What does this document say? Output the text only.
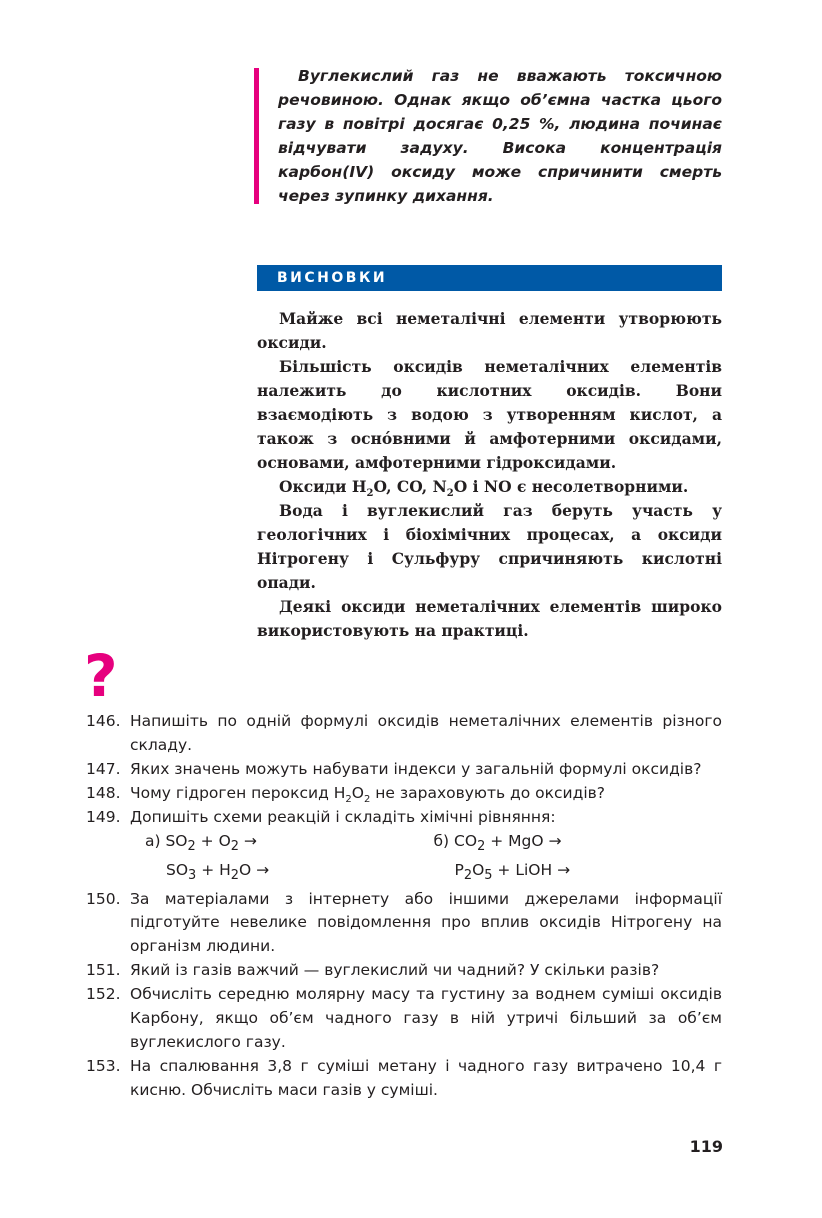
Вуглекислий газ не вважають токсичною речовиною. Однак якщо об’ємна частка цього газу в повітрі досягає 0,25 %, людина починає відчувати задуху. Висока концентрація карбон(IV) оксиду може спричинити смерть через зупинку дихання.

ВИСНОВКИ

Майже всі неметалічні елементи утворюють оксиди.

Більшість оксидів неметалічних елементів належить до кислотних оксидів. Вони взаємодіють з водою з утворенням кислот, а також з осно́вними й амфотерними оксидами, основами, амфотерними гідроксидами.

Оксиди $H_2O$, CO, $N_2O$ і NO є несолетворними.

Вода і вуглекислий газ беруть участь у геологічних і біохімічних процесах, а оксиди Нітрогену і Сульфуру спричиняють кислотні опади.

Деякі оксиди неметалічних елементів широко використовують на практиці.

?
146. Напишіть по одній формулі оксидів неметалічних елементів різного складу.
147. Яких значень можуть набувати індекси у загальній формулі оксидів?
148. Чому гідроген пероксид $H_2O_2$ не зараховують до оксидів?
149. Допишіть схеми реакцій і складіть хімічні рівняння:
а) $SO_2 + O_2$ →
$SO_3 + H_2O$ →
б) $CO_2$ + MgO →
$P_2O_5$ + LiOH →
150. За матеріалами з інтернету або іншими джерелами інформації підготуйте невелике повідомлення про вплив оксидів Нітрогену на організм людини.
151. Який із газів важчий — вуглекислий чи чадний? У скільки разів?
152. Обчисліть середню молярну масу та густину за воднем суміші оксидів Карбону, якщо об’єм чадного газу в ній утричі більший за об’єм вуглекислого газу.
153. На спалювання 3,8 г суміші метану і чадного газу витрачено 10,4 г кисню. Обчисліть маси газів у суміші.
119
